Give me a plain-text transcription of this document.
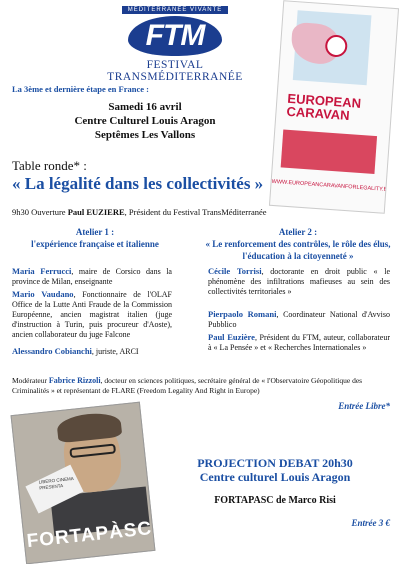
MÉDITERRANÉE VIVANTE
FTM
FESTIVAL TRANSMÉDITERRANÉE
EUROPEAN CARAVAN
WWW.EUROPEANCARAVANFORLEGALITY.EU
La 3ème et dernière étape en France :
Samedi 16 avril
Centre Culturel Louis Aragon
Septêmes Les Vallons
Table ronde* :
« La légalité dans les collectivités »
9h30 Ouverture Paul EUZIERE, Président du Festival TransMéditerranée
Atelier 1 :
l'expérience française et italienne
Atelier 2 :
« Le renforcement des contrôles, le rôle des élus, l'éducation à la citoyenneté »
Maria Ferrucci, maire de Corsico dans la province de Milan, enseignante
Mario Vaudano, Fonctionnaire de l'OLAF Office de la Lutte Anti Fraude de la Commission Européenne, ancien magistrat italien (juge d'instruction à Turin, puis procureur d'Aoste), ancien collaborateur du juge Falcone
Alessandro Cobianchi, juriste, ARCI
Cécile Torrisi, doctorante en droit public « le phénomène des infiltrations mafieuses au sein des collectivités territoriales »
Pierpaolo Romani, Coordinateur National d'Avviso Pubblico
Paul Euzière, Président du FTM, auteur, collaborateur à « La Pensée » et « Recherches Internationales »
Modérateur Fabrice Rizzoli, docteur en sciences politiques, secrétaire général de « l'Observatoire Géopolitique des Criminalités » et représentant de FLARE (Freedom Legality And Right in Europe)
Entrée Libre*
LIBERO CINEMA PRESENTA
FORTAPÀSC
PROJECTION DEBAT 20h30
Centre culturel Louis Aragon
FORTAPASC de Marco Risi
Entrée 3 €
